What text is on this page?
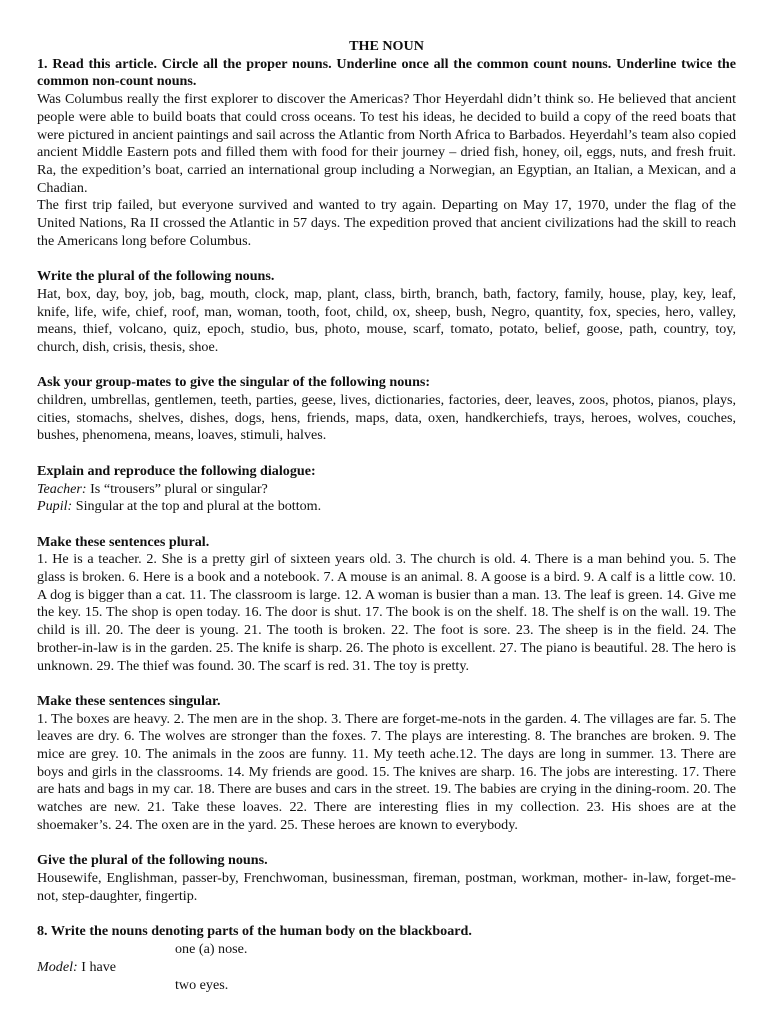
THE NOUN

1. Read this article. Circle all the proper nouns. Underline once all the common count nouns. Underline twice the common non-count nouns.

Was Columbus really the first explorer to discover the Americas? Thor Heyerdahl didn’t think so. He believed that ancient people were able to build boats that could cross oceans. To test his ideas, he decided to build a copy of the reed boats that were pictured in ancient paintings and sail across the Atlantic from North Africa to Barbados. Heyerdahl’s team also copied ancient Middle Eastern pots and filled them with food for their journey – dried fish, honey, oil, eggs, nuts, and fresh fruit. Ra, the expedition’s boat, carried an international group including a Norwegian, an Egyptian, an Italian, a Mexican, and a Chadian.

The first trip failed, but everyone survived and wanted to try again. Departing on May 17, 1970, under the flag of the United Nations, Ra II crossed the Atlantic in 57 days. The expedition proved that ancient civilizations had the skill to reach the Americans long before Columbus.

Write the plural of the following nouns.

Hat, box, day, boy, job, bag, mouth, clock, map, plant, class, birth, branch, bath, factory, family, house, play, key, leaf, knife, life, wife, chief, roof, man, woman, tooth, foot, child, ox, sheep, bush, Negro, quantity, fox, species, hero, valley, means, thief, volcano, quiz, epoch, studio, bus, photo, mouse, scarf, tomato, potato, belief, goose, path, country, toy, church, dish, crisis, thesis, shoe.

Ask your group-mates to give the singular of the following nouns:

children, umbrellas, gentlemen, teeth, parties, geese, lives, dictionaries, factories, deer, leaves, zoos, photos, pianos, plays, cities, stomachs, shelves, dishes, dogs, hens, friends, maps, data, oxen, handkerchiefs, trays, heroes, wolves, couches, bushes, phenomena, means, loaves, stimuli, halves.

Explain and reproduce the following dialogue:

Teacher: Is “trousers” plural or singular?

Pupil: Singular at the top and plural at the bottom.

Make these sentences plural.

1. He is a teacher. 2. She is a pretty girl of sixteen years old. 3. The church is old. 4. There is a man behind you. 5. The glass is broken. 6. Here is a book and a notebook. 7. A mouse is an animal. 8. A goose is a bird. 9. A calf is a little cow. 10. A dog is bigger than a cat. 11. The classroom is large. 12. A woman is busier than a man. 13. The leaf is green. 14. Give me the key. 15. The shop is open today. 16. The door is shut. 17. The book is on the shelf. 18. The shelf is on the wall. 19. The child is ill. 20. The deer is young. 21. The tooth is broken. 22. The foot is sore. 23. The sheep is in the field. 24. The brother-in-law is in the garden. 25. The knife is sharp. 26. The photo is excellent. 27. The piano is beautiful. 28. The hero is unknown. 29. The thief was found. 30. The scarf is red. 31. The toy is pretty.

Make these sentences singular.

1. The boxes are heavy. 2. The men are in the shop. 3. There are forget-me-nots in the garden. 4. The villages are far. 5. The leaves are dry. 6. The wolves are stronger than the foxes. 7. The plays are interesting. 8. The branches are broken. 9. The mice are grey. 10. The animals in the zoos are funny. 11. My teeth ache.12. The days are long in summer. 13. There are boys and girls in the classrooms. 14. My friends are good. 15. The knives are sharp. 16. The jobs are interesting. 17. There are hats and bags in my car. 18. There are buses and cars in the street. 19. The babies are crying in the dining-room. 20. The watches are new. 21. Take these loaves. 22. There are interesting flies in my collection. 23. His shoes are at the shoemaker’s. 24. The oxen are in the yard. 25. These heroes are known to everybody.

Give the plural of the following nouns.

Housewife, Englishman, passer-by, Frenchwoman, businessman, fireman, postman, workman, mother- in-law, forget-me-not, step-daughter, fingertip.

8. Write the nouns denoting parts of the human body on the blackboard.

one (a) nose.
Model: I have
two eyes.
